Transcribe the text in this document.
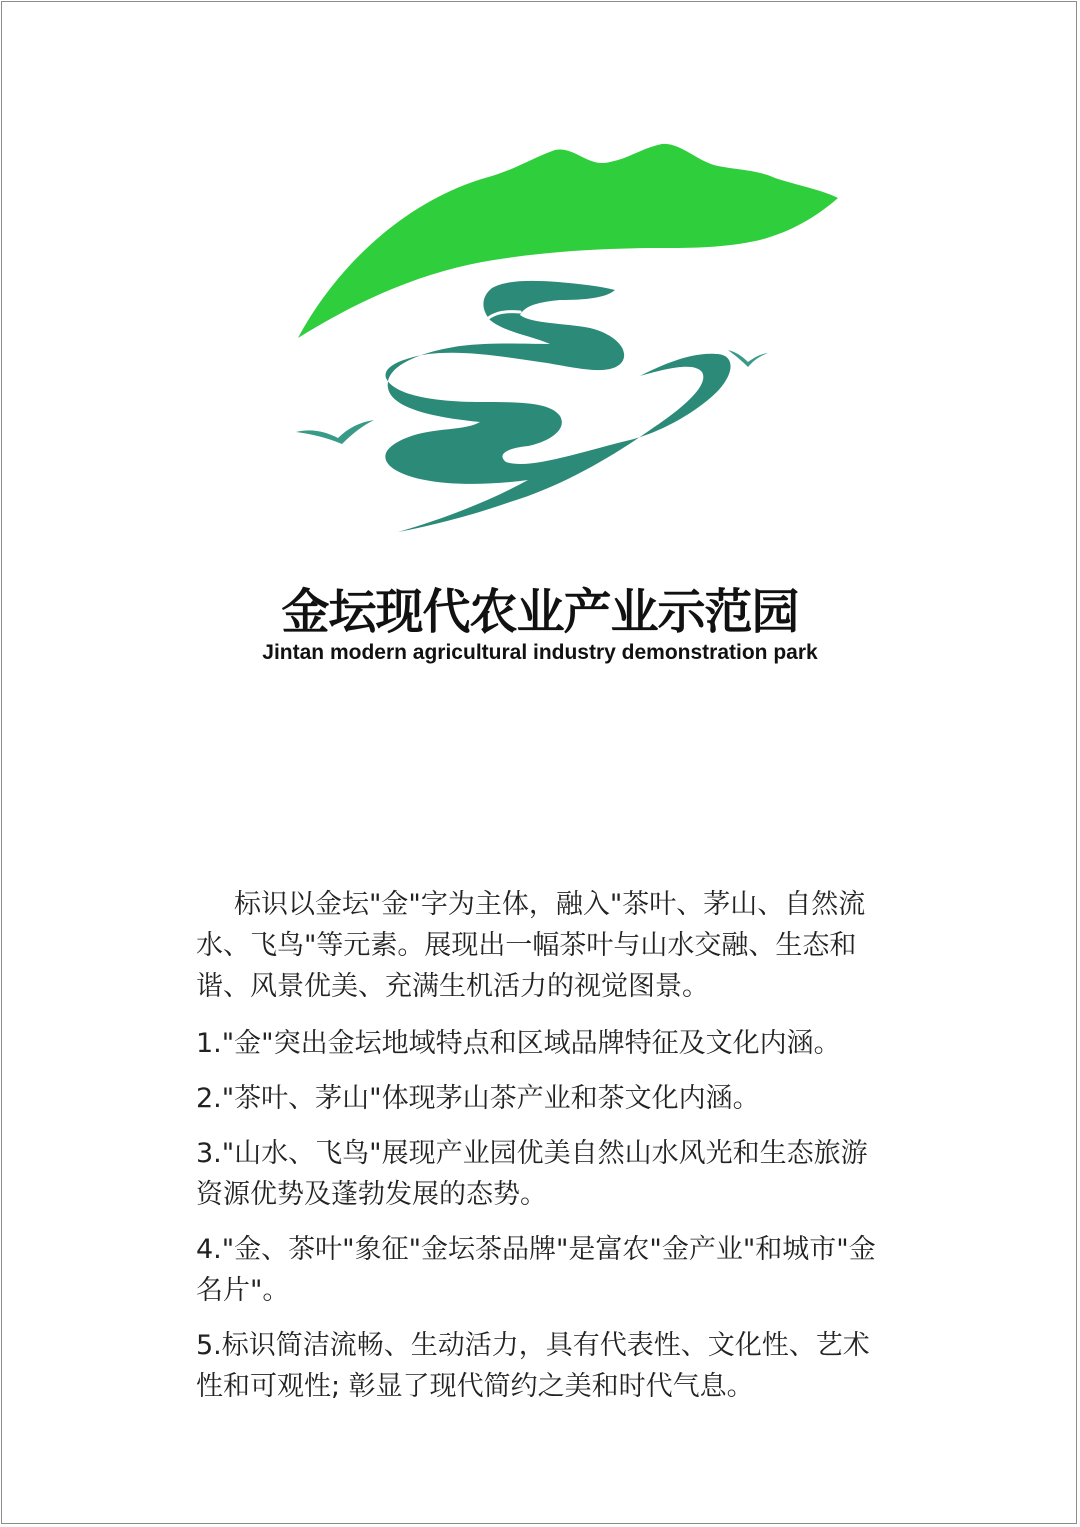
金坛现代农业产业示范园
Jintan modern agricultural industry demonstration park

标识以金坛"金"字为主体，融入"茶叶、茅山、自然流水、飞鸟"等元素。展现出一幅茶叶与山水交融、生态和谐、风景优美、充满生机活力的视觉图景。

1."金"突出金坛地域特点和区域品牌特征及文化内涵。

2."茶叶、茅山"体现茅山茶产业和茶文化内涵。

3."山水、飞鸟"展现产业园优美自然山水风光和生态旅游资源优势及蓬勃发展的态势。

4."金、茶叶"象征"金坛茶品牌"是富农"金产业"和城市"金名片"。

5.标识简洁流畅、生动活力，具有代表性、文化性、艺术性和可观性; 彰显了现代简约之美和时代气息。
